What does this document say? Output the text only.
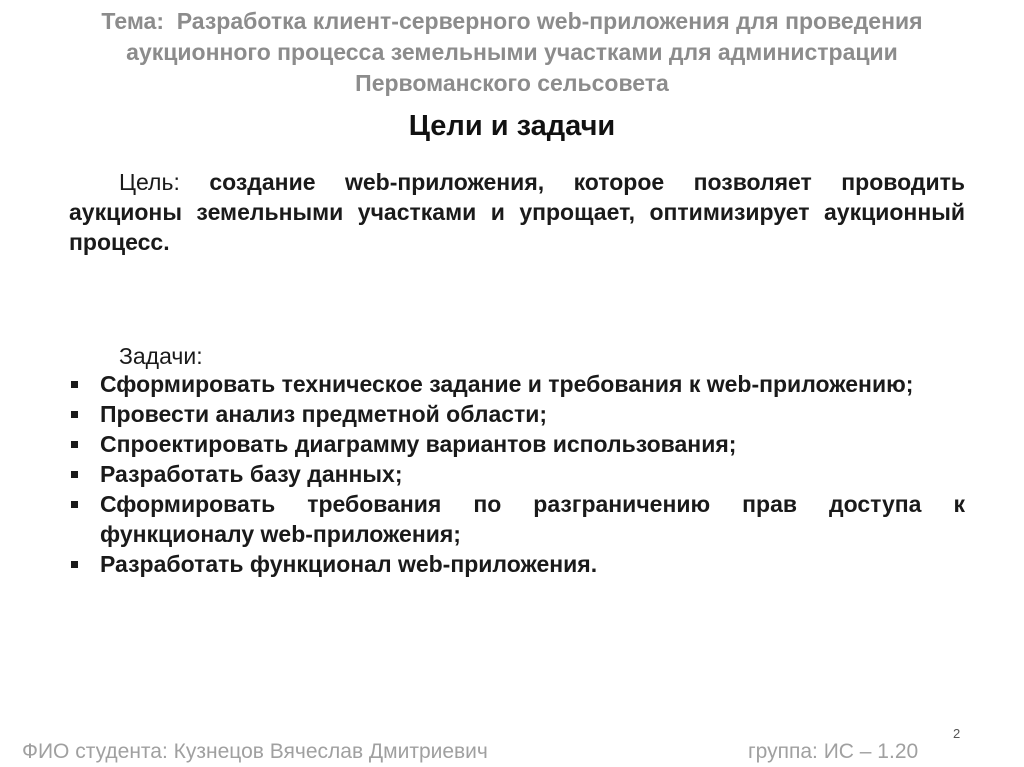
Тема: Разработка клиент-серверного web-приложения для проведения аукционного процесса земельными участками для администрации Первоманского сельсовета
Цели и задачи
Цель: создание web-приложения, которое позволяет проводить аукционы земельными участками и упрощает, оптимизирует аукционный процесс.
Задачи:
Сформировать техническое задание и требования к web-приложению;
Провести анализ предметной области;
Спроектировать диаграмму вариантов использования;
Разработать базу данных;
Сформировать требования по разграничению прав доступа к функционалу web-приложения;
Разработать функционал web-приложения.
2
ФИО студента: Кузнецов Вячеслав Дмитриевич	группа: ИС – 1.20
